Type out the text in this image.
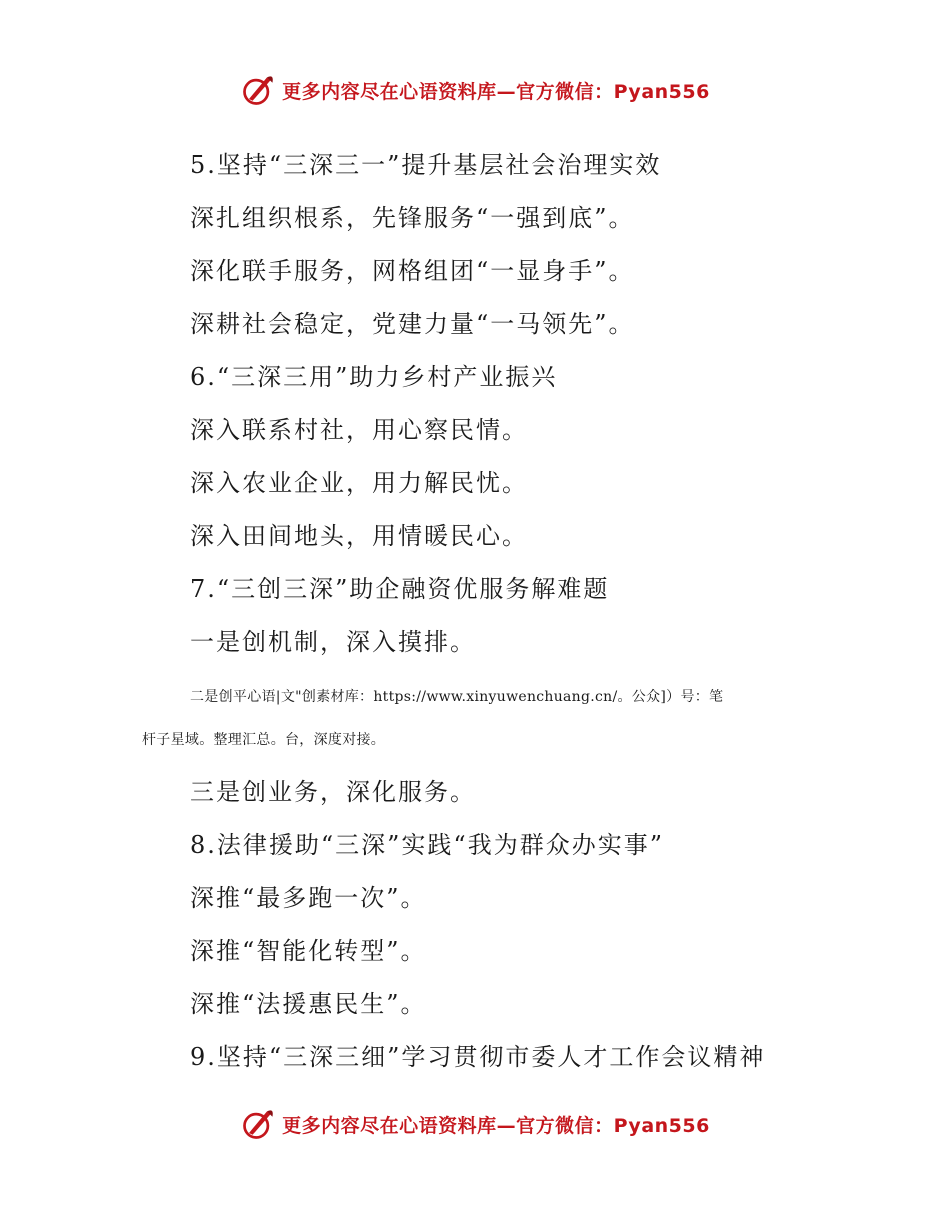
更多内容尽在心语资料库—官方微信：Pyan556
5.坚持“三深三一”提升基层社会治理实效
深扎组织根系，先锋服务“一强到底”。
深化联手服务，网格组团“一显身手”。
深耕社会稳定，党建力量“一马领先”。
6.“三深三用”助力乡村产业振兴
深入联系村社，用心察民情。
深入农业企业，用力解民忧。
深入田间地头，用情暖民心。
7.“三创三深”助企融资优服务解难题
一是创机制，深入摸排。
二是创平心语|文"创素材库：https://www.xinyuwenchuang.cn/。公众]）号：笔
杆子星域。整理汇总。台，深度对接。
三是创业务，深化服务。
8.法律援助“三深”实践“我为群众办实事”
深推“最多跑一次”。
深推“智能化转型”。
深推“法援惠民生”。
9.坚持“三深三细”学习贯彻市委人才工作会议精神
更多内容尽在心语资料库—官方微信：Pyan556
